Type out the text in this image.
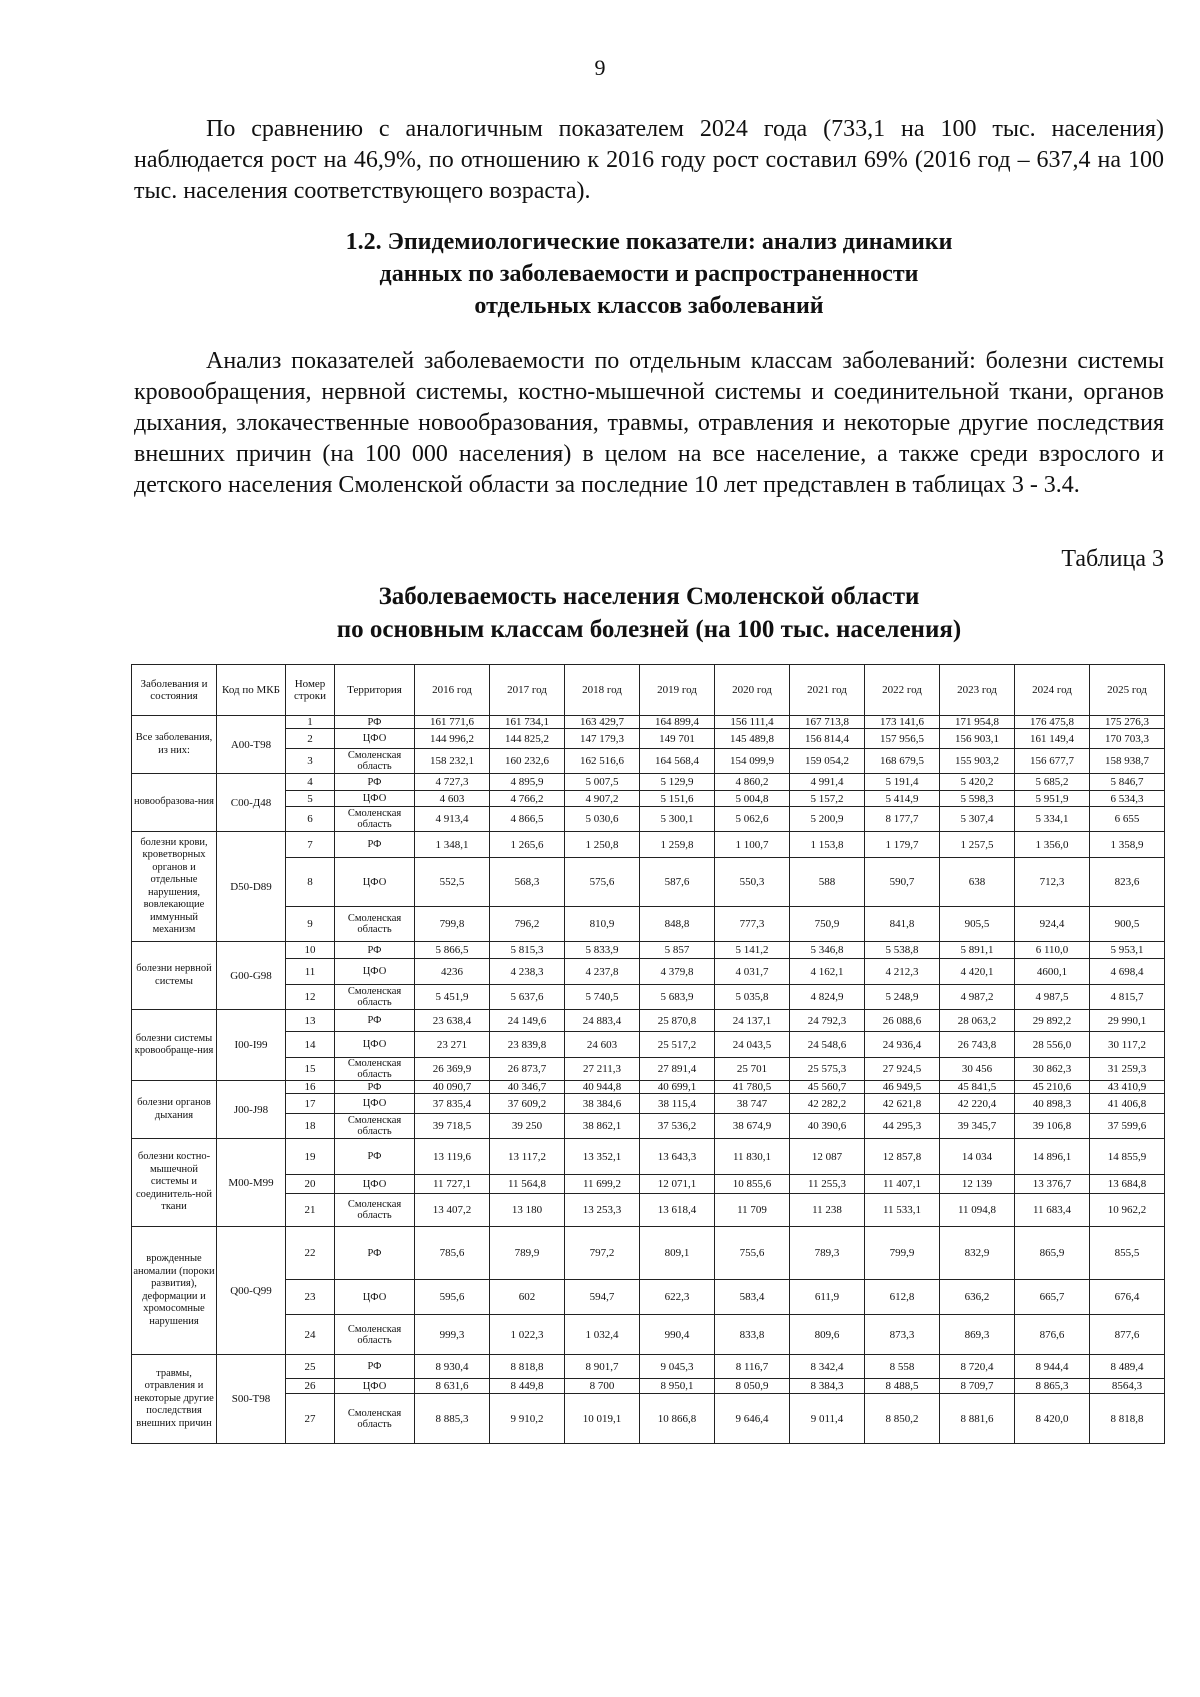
9

По сравнению с аналогичным показателем 2024 года (733,1 на 100 тыс. населения) наблюдается рост на 46,9%, по отношению к 2016 году рост составил 69% (2016 год – 637,4 на 100 тыс. населения соответствующего возраста).

1.2. Эпидемиологические показатели: анализ динамики
данных по заболеваемости и распространенности
отдельных классов заболеваний

Анализ показателей заболеваемости по отдельным классам заболеваний: болезни системы кровообращения, нервной системы, костно-мышечной системы и соединительной ткани, органов дыхания, злокачественные новообразования, травмы, отравления и некоторые другие последствия внешних причин (на 100 000 населения) в целом на все население, а также среди взрослого и детского населения Смоленской области за последние 10 лет представлен в таблицах 3 - 3.4.

Таблица 3
Заболеваемость населения Смоленской области
по основным классам болезней (на 100 тыс. населения)
Заболевания и состояния	Код по МКБ	Номер строки	Территория	2016 год	2017 год	2018 год	2019 год	2020 год	2021 год	2022 год	2023 год	2024 год	2025 год
Все заболевания, из них:	А00-Т98	1	РФ	161 771,6	161 734,1	163 429,7	164 899,4	156 111,4	167 713,8	173 141,6	171 954,8	176 475,8	175 276,3
		2	ЦФО	144 996,2	144 825,2	147 179,3	149 701	145 489,8	156 814,4	157 956,5	156 903,1	161 149,4	170 703,3
		3	Смоленская область	158 232,1	160 232,6	162 516,6	164 568,4	154 099,9	159 054,2	168 679,5	155 903,2	156 677,7	158 938,7
новообразова-ния	С00-Д48	4	РФ	4 727,3	4 895,9	5 007,5	5 129,9	4 860,2	4 991,4	5 191,4	5 420,2	5 685,2	5 846,7
		5	ЦФО	4 603	4 766,2	4 907,2	5 151,6	5 004,8	5 157,2	5 414,9	5 598,3	5 951,9	6 534,3
		6	Смоленская область	4 913,4	4 866,5	5 030,6	5 300,1	5 062,6	5 200,9	8 177,7	5 307,4	5 334,1	6 655
болезни крови, кроветворных органов и отдельные нарушения, вовлекающие иммунный механизм	D50-D89	7	РФ	1 348,1	1 265,6	1 250,8	1 259,8	1 100,7	1 153,8	1 179,7	1 257,5	1 356,0	1 358,9
		8	ЦФО	552,5	568,3	575,6	587,6	550,3	588	590,7	638	712,3	823,6
		9	Смоленская область	799,8	796,2	810,9	848,8	777,3	750,9	841,8	905,5	924,4	900,5
болезни нервной системы	G00-G98	10	РФ	5 866,5	5 815,3	5 833,9	5 857	5 141,2	5 346,8	5 538,8	5 891,1	6 110,0	5 953,1
		11	ЦФО	4236	4 238,3	4 237,8	4 379,8	4 031,7	4 162,1	4 212,3	4 420,1	4600,1	4 698,4
		12	Смоленская область	5 451,9	5 637,6	5 740,5	5 683,9	5 035,8	4 824,9	5 248,9	4 987,2	4 987,5	4 815,7
болезни системы кровообраще-ния	I00-I99	13	РФ	23 638,4	24 149,6	24 883,4	25 870,8	24 137,1	24 792,3	26 088,6	28 063,2	29 892,2	29 990,1
		14	ЦФО	23 271	23 839,8	24 603	25 517,2	24 043,5	24 548,6	24 936,4	26 743,8	28 556,0	30 117,2
		15	Смоленская область	26 369,9	26 873,7	27 211,3	27 891,4	25 701	25 575,3	27 924,5	30 456	30 862,3	31 259,3
болезни органов дыхания	J00-J98	16	РФ	40 090,7	40 346,7	40 944,8	40 699,1	41 780,5	45 560,7	46 949,5	45 841,5	45 210,6	43 410,9
		17	ЦФО	37 835,4	37 609,2	38 384,6	38 115,4	38 747	42 282,2	42 621,8	42 220,4	40 898,3	41 406,8
		18	Смоленская область	39 718,5	39 250	38 862,1	37 536,2	38 674,9	40 390,6	44 295,3	39 345,7	39 106,8	37 599,6
болезни костно-мышечной системы и соединитель-ной ткани	M00-M99	19	РФ	13 119,6	13 117,2	13 352,1	13 643,3	11 830,1	12 087	12 857,8	14 034	14 896,1	14 855,9
		20	ЦФО	11 727,1	11 564,8	11 699,2	12 071,1	10 855,6	11 255,3	11 407,1	12 139	13 376,7	13 684,8
		21	Смоленская область	13 407,2	13 180	13 253,3	13 618,4	11 709	11 238	11 533,1	11 094,8	11 683,4	10 962,2
врожденные аномалии (пороки развития), деформации и хромосомные нарушения	Q00-Q99	22	РФ	785,6	789,9	797,2	809,1	755,6	789,3	799,9	832,9	865,9	855,5
		23	ЦФО	595,6	602	594,7	622,3	583,4	611,9	612,8	636,2	665,7	676,4
		24	Смоленская область	999,3	1 022,3	1 032,4	990,4	833,8	809,6	873,3	869,3	876,6	877,6
травмы, отравления и некоторые другие последствия внешних причин	S00-T98	25	РФ	8 930,4	8 818,8	8 901,7	9 045,3	8 116,7	8 342,4	8 558	8 720,4	8 944,4	8 489,4
		26	ЦФО	8 631,6	8 449,8	8 700	8 950,1	8 050,9	8 384,3	8 488,5	8 709,7	8 865,3	8564,3
		27	Смоленская область	8 885,3	9 910,2	10 019,1	10 866,8	9 646,4	9 011,4	8 850,2	8 881,6	8 420,0	8 818,8
